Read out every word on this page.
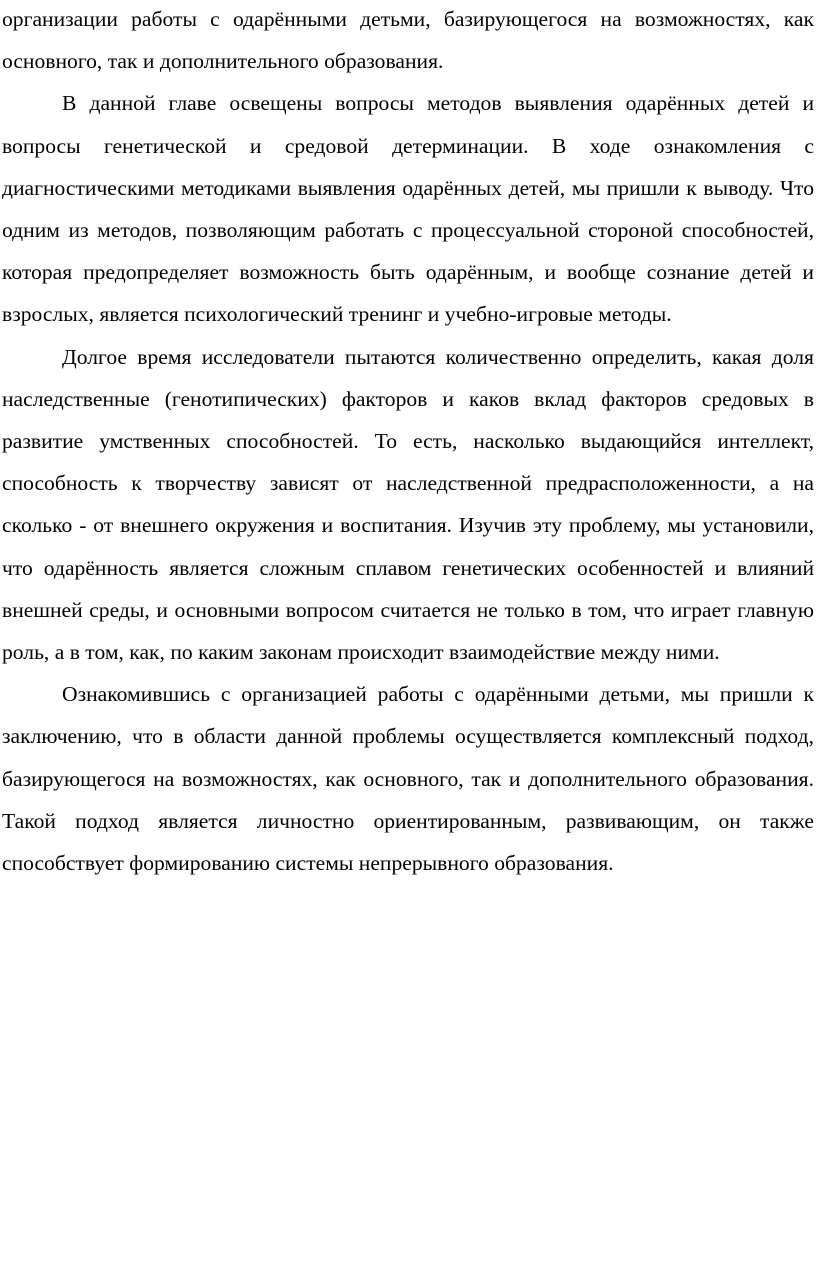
организации работы с одарёнными детьми, базирующегося на возможностях, как основного, так и дополнительного образования.

В данной главе освещены вопросы методов выявления одарённых детей и вопросы генетической и средовой детерминации. В ходе ознакомления с диагностическими методиками выявления одарённых детей, мы пришли к выводу. Что одним из методов, позволяющим работать с процессуальной стороной способностей, которая предопределяет возможность быть одарённым, и вообще сознание детей и взрослых, является психологический тренинг и учебно-игровые методы.

Долгое время исследователи пытаются количественно определить, какая доля наследственные (генотипических) факторов и каков вклад факторов средовых в развитие умственных способностей. То есть, насколько выдающийся интеллект, способность к творчеству зависят от наследственной предрасположенности, а на сколько - от внешнего окружения и воспитания. Изучив эту проблему, мы установили, что одарённость является сложным сплавом генетических особенностей и влияний внешней среды, и основными вопросом считается не только в том, что играет главную роль, а в том, как, по каким законам происходит взаимодействие между ними.

Ознакомившись с организацией работы с одарёнными детьми, мы пришли к заключению, что в области данной проблемы осуществляется комплексный подход, базирующегося на возможностях, как основного, так и дополнительного образования. Такой подход является личностно ориентированным, развивающим, он также способствует формированию системы непрерывного образования.
